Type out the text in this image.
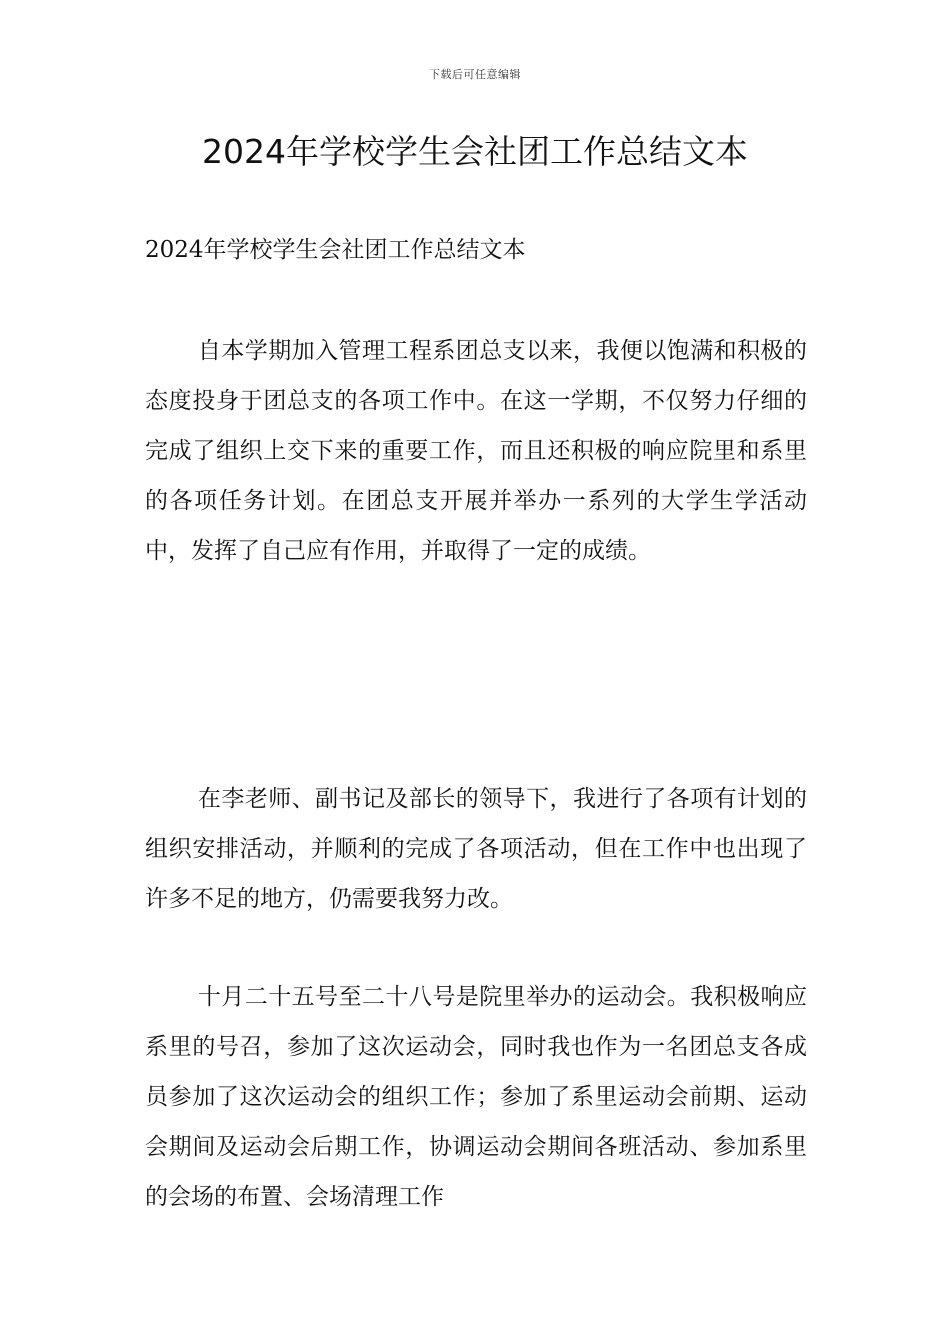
下载后可任意编辑
2024年学校学生会社团工作总结文本
2024年学校学生会社团工作总结文本

自本学期加入管理工程系团总支以来，我便以饱满和积极的态度投身于团总支的各项工作中。在这一学期，不仅努力仔细的完成了组织上交下来的重要工作，而且还积极的响应院里和系里的各项任务计划。在团总支开展并举办一系列的大学生学活动中，发挥了自己应有作用，并取得了一定的成绩。

在李老师、副书记及部长的领导下，我进行了各项有计划的组织安排活动，并顺利的完成了各项活动，但在工作中也出现了许多不足的地方，仍需要我努力改。

十月二十五号至二十八号是院里举办的运动会。我积极响应系里的号召，参加了这次运动会，同时我也作为一名团总支各成员参加了这次运动会的组织工作；参加了系里运动会前期、运动会期间及运动会后期工作，协调运动会期间各班活动、参加系里的会场的布置、会场清理工作
